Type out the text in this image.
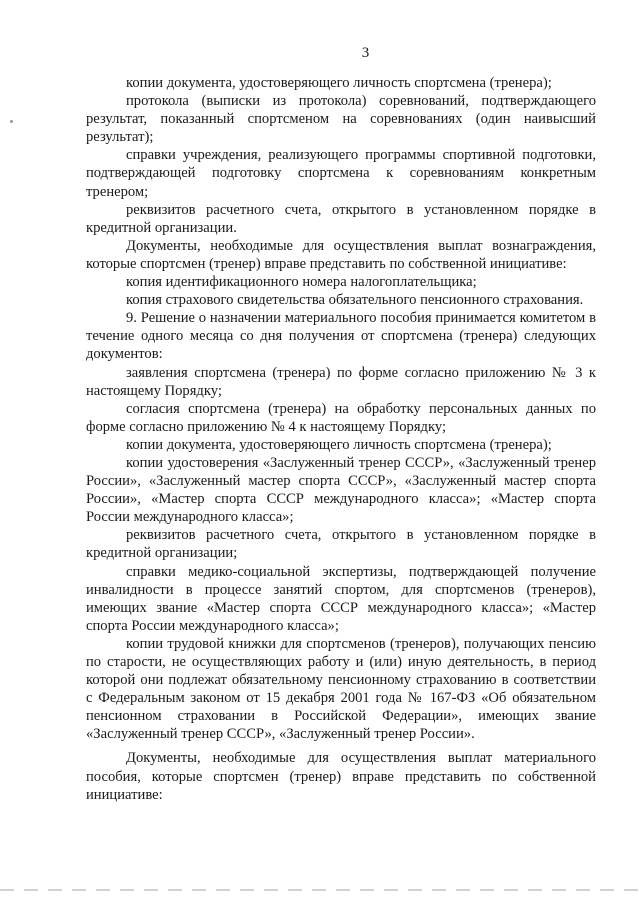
3

копии документа, удостоверяющего личность спортсмена (тренера);

протокола (выписки из протокола) соревнований, подтверждающего результат, показанный спортсменом на соревнованиях (один наивысший результат);

справки учреждения, реализующего программы спортивной подготовки, подтверждающей подготовку спортсмена к соревнованиям конкретным тренером;

реквизитов расчетного счета, открытого в установленном порядке в кредитной организации.

Документы, необходимые для осуществления выплат вознаграждения, которые спортсмен (тренер) вправе представить по собственной инициативе:

копия идентификационного номера налогоплательщика;

копия страхового свидетельства обязательного пенсионного страхования.

9. Решение о назначении материального пособия принимается комитетом в течение одного месяца со дня получения от спортсмена (тренера) следующих документов:

заявления спортсмена (тренера) по форме согласно приложению № 3 к настоящему Порядку;

согласия спортсмена (тренера) на обработку персональных данных по форме согласно приложению № 4 к настоящему Порядку;

копии документа, удостоверяющего личность спортсмена (тренера);

копии удостоверения «Заслуженный тренер СССР», «Заслуженный тренер России», «Заслуженный мастер спорта СССР», «Заслуженный мастер спорта России», «Мастер спорта СССР международного класса»; «Мастер спорта России международного класса»;

реквизитов расчетного счета, открытого в установленном порядке в кредитной организации;

справки медико-социальной экспертизы, подтверждающей получение инвалидности в процессе занятий спортом, для спортсменов (тренеров), имеющих звание «Мастер спорта СССР международного класса»; «Мастер спорта России международного класса»;

копии трудовой книжки для спортсменов (тренеров), получающих пенсию по старости, не осуществляющих работу и (или) иную деятельность, в период которой они подлежат обязательному пенсионному страхованию в соответствии с Федеральным законом от 15 декабря 2001 года № 167-ФЗ «Об обязательном пенсионном страховании в Российской Федерации», имеющих звание «Заслуженный тренер СССР», «Заслуженный тренер России».

Документы, необходимые для осуществления выплат материального пособия, которые спортсмен (тренер) вправе представить по собственной инициативе:
